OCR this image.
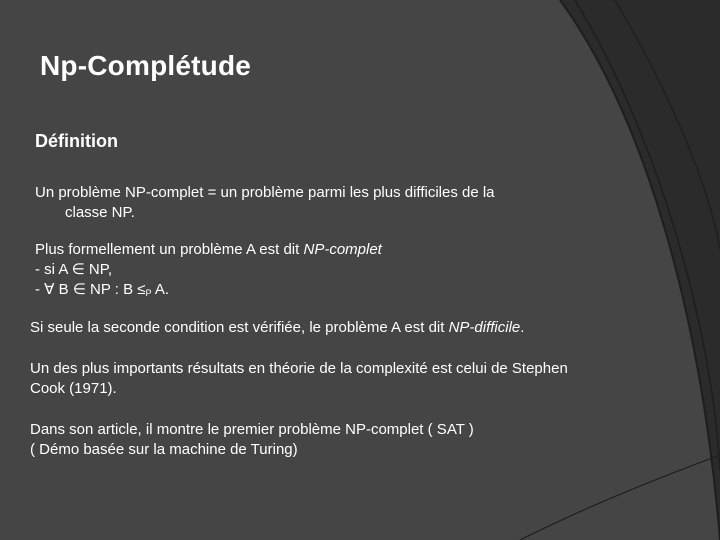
Np-Complétude
Définition
Un problème NP-complet = un problème parmi les plus difficiles de la
classe NP.
Plus formellement un problème A est dit NP-complet
- si A ∈ NP,
- ∀ B ∈ NP : $B \le_P$ A.
Si seule la seconde condition est vérifiée, le problème A est dit NP-difficile.
Un des plus importants résultats en théorie de la complexité est celui de Stephen
Cook (1971).
Dans son article, il montre le premier problème NP-complet ( SAT )
( Démo basée sur la machine de Turing)
